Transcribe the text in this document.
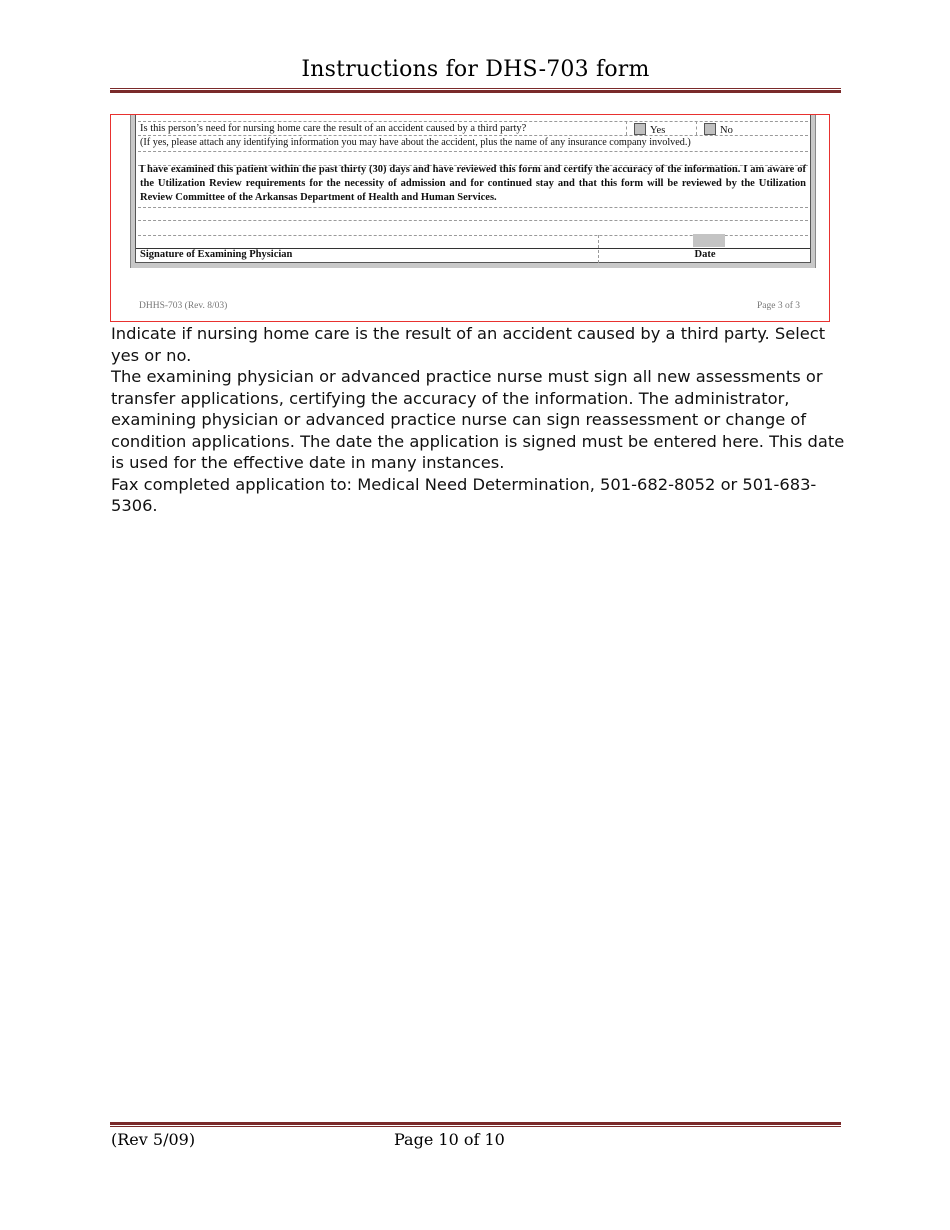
Instructions for DHS-703 form
Is this person’s need for nursing home care the result of an accident caused by a third party?	Yes	No
(If yes, please attach any identifying information you may have about the accident, plus the name of any insurance company involved.)
I have examined this patient within the past thirty (30) days and have reviewed this form and certify the accuracy of the information. I am aware of the Utilization Review requirements for the necessity of admission and for continued stay and that this form will be reviewed by the Utilization Review Committee of the Arkansas Department of Health and Human Services.
Signature of Examining Physician	Date
DHHS-703 (Rev. 8/03)	Page 3 of 3

Indicate if nursing home care is the result of an accident caused by a third party. Select yes or no.

The examining physician or advanced practice nurse must sign all new assessments or transfer applications, certifying the accuracy of the information. The administrator, examining physician or advanced practice nurse can sign reassessment or change of condition applications. The date the application is signed must be entered here. This date is used for the effective date in many instances.

Fax completed application to: Medical Need Determination, 501-682-8052 or 501-683-5306.

(Rev 5/09)	Page 10 of 10
